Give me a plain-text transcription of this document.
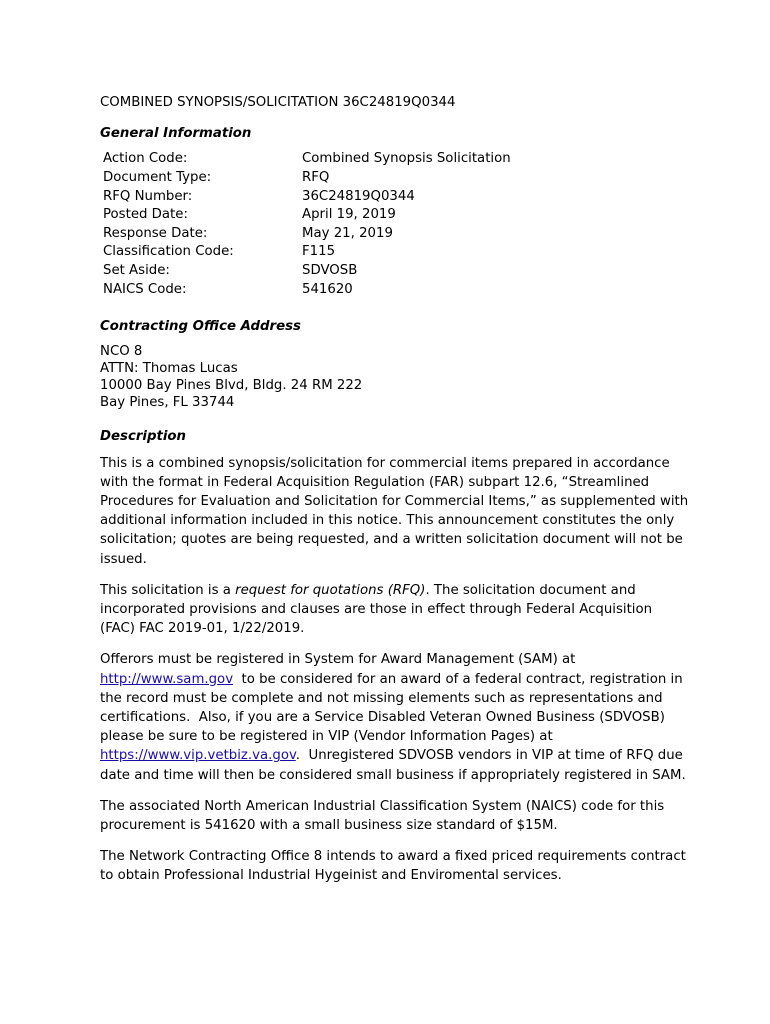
COMBINED SYNOPSIS/SOLICITATION 36C24819Q0344
General Information
Action Code:	Combined Synopsis Solicitation
Document Type:	RFQ
RFQ Number:	36C24819Q0344
Posted Date:	April 19, 2019
Response Date:	May 21, 2019
Classification Code:	F115
Set Aside:	SDVOSB
NAICS Code:	541620
Contracting Office Address
NCO 8
ATTN: Thomas Lucas
10000 Bay Pines Blvd, Bldg. 24 RM 222
Bay Pines, FL 33744
Description

This is a combined synopsis/solicitation for commercial items prepared in accordance with the format in Federal Acquisition Regulation (FAR) subpart 12.6, “Streamlined Procedures for Evaluation and Solicitation for Commercial Items,” as supplemented with additional information included in this notice. This announcement constitutes the only solicitation; quotes are being requested, and a written solicitation document will not be issued.

This solicitation is a request for quotations (RFQ). The solicitation document and incorporated provisions and clauses are those in effect through Federal Acquisition (FAC) FAC 2019-01, 1/22/2019.

Offerors must be registered in System for Award Management (SAM) at http://www.sam.gov  to be considered for an award of a federal contract, registration in the record must be complete and not missing elements such as representations and certifications.  Also, if you are a Service Disabled Veteran Owned Business (SDVOSB) please be sure to be registered in VIP (Vendor Information Pages) at https://www.vip.vetbiz.va.gov.  Unregistered SDVOSB vendors in VIP at time of RFQ due date and time will then be considered small business if appropriately registered in SAM.

The associated North American Industrial Classification System (NAICS) code for this procurement is 541620 with a small business size standard of $15M.

The Network Contracting Office 8 intends to award a fixed priced requirements contract to obtain Professional Industrial Hygeinist and Enviromental services.
